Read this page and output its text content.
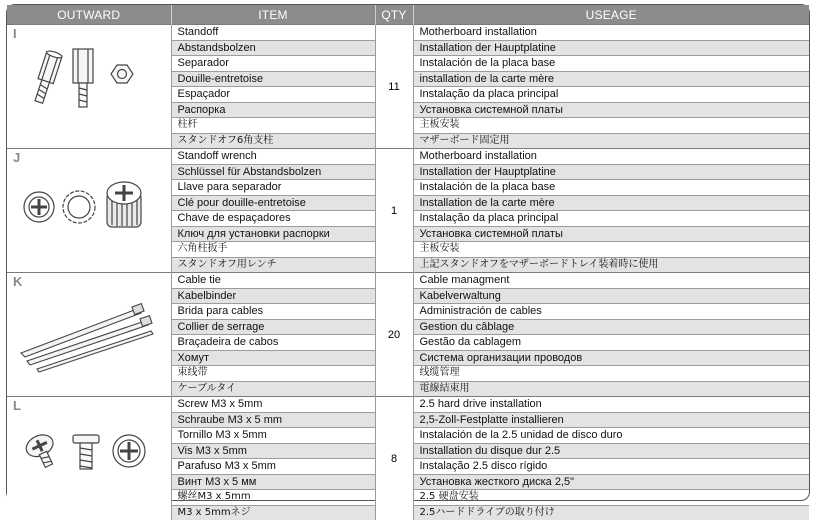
OUTWARD	ITEM	QTY	USEAGE

I	Standoff	11	Motherboard installation
	Abstandsbolzen		Installation der Hauptplatine
	Separador		Instalación de la placa base
	Douille-entretoise		installation de la carte mère
	Espaçador		Instalação da placa principal
	Распорка		Установка системной платы
	柱杆		主板安装
	スタンドオフ6角支柱		マザーボード固定用

J	Standoff wrench	1	Motherboard installation
	Schlüssel für Abstandsbolzen		Installation der Hauptplatine
	Llave para separador		Instalación de la placa base
	Clé pour douille-entretoise		Installation de la carte mère
	Chave de espaçadores		Instalação da placa principal
	Ключ для установки распорки		Установка системной платы
	六角柱扳手		主板安装
	スタンドオフ用レンチ		上記スタンドオフをマザーボードトレイ装着時に使用

K	Cable tie	20	Cable managment
	Kabelbinder		Kabelverwaltung
	Brida para cables		Administración de cables
	Collier de serrage		Gestion du câblage
	Braçadeira de cabos		Gestão da cablagem
	Хомут		Система организации проводов
	束线带		线缆管理
	ケーブルタイ		電線結束用

L	Screw M3 x 5mm	8	2.5 hard drive installation
	Schraube M3 x 5 mm		2,5-Zoll-Festplatte installieren
	Tornillo M3 x 5mm		Instalación de la 2.5 unidad de disco duro
	Vis M3 x 5mm		Installation du disque dur 2.5
	Parafuso M3 x 5mm		Instalação 2.5 disco rígido
	Винт M3 x 5 мм		Установка жесткого диска 2,5"
	螺丝M3 x 5mm		2.5 硬盘安装
	M3 x 5mmネジ		2.5ハードドライブの取り付け
